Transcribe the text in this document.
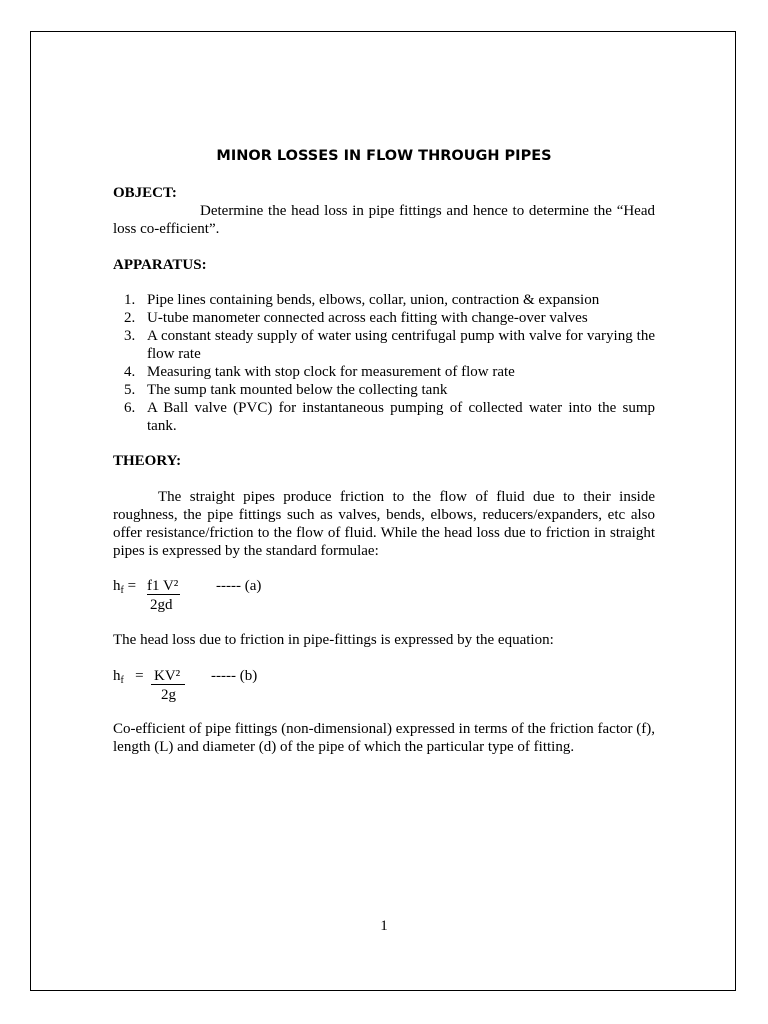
MINOR LOSSES IN FLOW THROUGH PIPES
OBJECT:

Determine the head loss in pipe fittings and hence to determine the “Head loss co-efficient”.

APPARATUS:
1. Pipe lines containing bends, elbows, collar, union, contraction & expansion
2. U-tube manometer connected across each fitting with change-over valves
3. A constant steady supply of water using centrifugal pump with valve for varying the flow rate
4. Measuring tank with stop clock for measurement of flow rate
5. The sump tank mounted below the collecting tank
6. A Ball valve (PVC) for instantaneous pumping of collected water into the sump tank.
THEORY:

The straight pipes produce friction to the flow of fluid due to their inside roughness, the pipe fittings such as valves, bends, elbows, reducers/expanders, etc also offer resistance/friction to the flow of fluid. While the head loss due to friction in straight pipes is expressed by the standard formulae:

$h_f = f1$ V²
2gd
----- (a)

The head loss due to friction in pipe-fittings is expressed by the equation:

$h_f = KV^2$
2g
----- (b)

Co-efficient of pipe fittings (non-dimensional) expressed in terms of the friction factor (f), length (L) and diameter (d) of the pipe of which the particular type of fitting.

1
